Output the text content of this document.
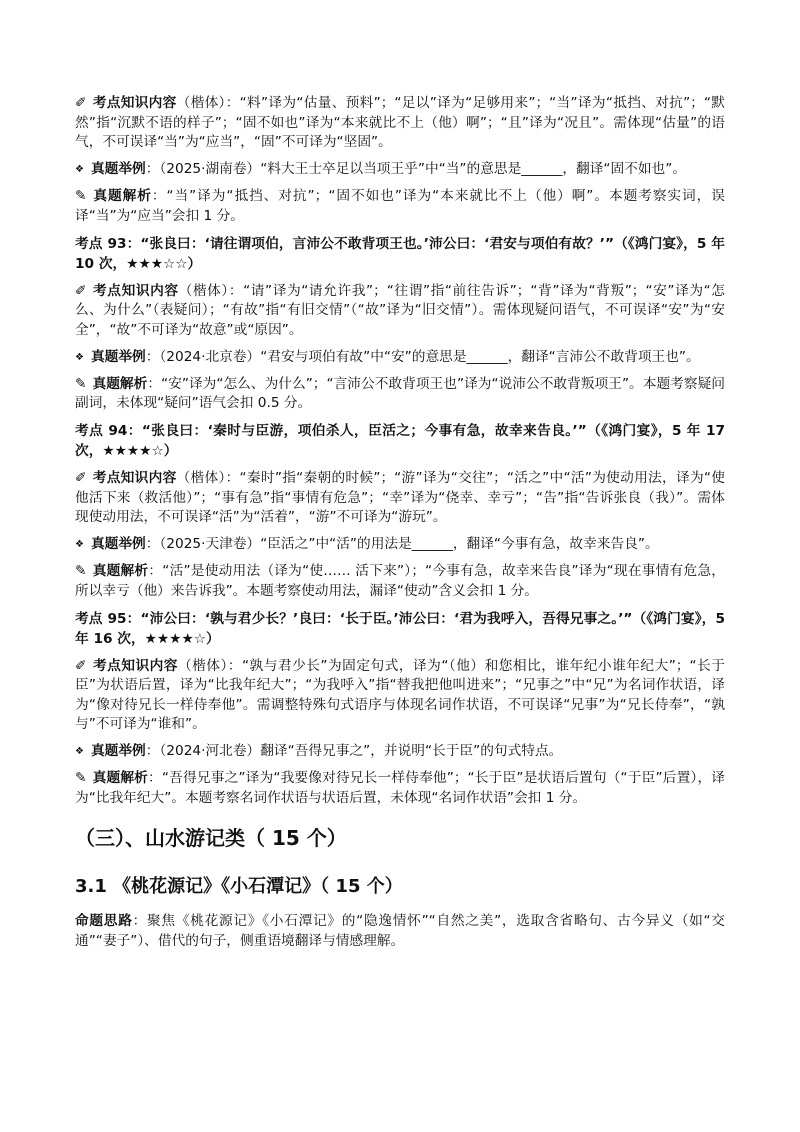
✐ 考点知识内容（楷体）：“料”译为“估量、预料”；“足以”译为“足够用来”；“当”译为“抵挡、对抗”；“默然”指“沉默不语的样子”；“固不如也”译为“本来就比不上（他）啊”；“且”译为“况且”。需体现“估量”的语气，不可误译“当”为“应当”，“固”不可译为“坚固”。

❖ 真题举例：（2025·湖南卷）“料大王士卒足以当项王乎”中“当”的意思是______，翻译“固不如也”。

✎ 真题解析：“当”译为“抵挡、对抗”；“固不如也”译为“本来就比不上（他）啊”。本题考察实词，误译“当”为“应当”会扣 1 分。

考点 93：“张良曰：‘请往谓项伯，言沛公不敢背项王也。’沛公曰：‘君安与项伯有故？’”（《鸿门宴》，5 年 10 次，★★★☆☆）

✐ 考点知识内容（楷体）：“请”译为“请允许我”；“往谓”指“前往告诉”；“背”译为“背叛”；“安”译为“怎么、为什么”（表疑问）；“有故”指“有旧交情”（“故”译为“旧交情”）。需体现疑问语气，不可误译“安”为“安全”，“故”不可译为“故意”或“原因”。

❖ 真题举例：（2024·北京卷）“君安与项伯有故”中“安”的意思是______，翻译“言沛公不敢背项王也”。

✎ 真题解析：“安”译为“怎么、为什么”；“言沛公不敢背项王也”译为“说沛公不敢背叛项王”。本题考察疑问副词，未体现“疑问”语气会扣 0.5 分。

考点 94：“张良曰：‘秦时与臣游，项伯杀人，臣活之；今事有急，故幸来告良。’”（《鸿门宴》，5 年 17 次，★★★★☆）

✐ 考点知识内容（楷体）：“秦时”指“秦朝的时候”；“游”译为“交往”；“活之”中“活”为使动用法，译为“使他活下来（救活他）”；“事有急”指“事情有危急”；“幸”译为“侥幸、幸亏”；“告”指“告诉张良（我）”。需体现使动用法，不可误译“活”为“活着”，“游”不可译为“游玩”。

❖ 真题举例：（2025·天津卷）“臣活之”中“活”的用法是______，翻译“今事有急，故幸来告良”。

✎ 真题解析：“活”是使动用法（译为“使…… 活下来”）；“今事有急，故幸来告良”译为“现在事情有危急，所以幸亏（他）来告诉我”。本题考察使动用法，漏译“使动”含义会扣 1 分。

考点 95：“沛公曰：‘孰与君少长？’良曰：‘长于臣。’沛公曰：‘君为我呼入，吾得兄事之。’”（《鸿门宴》，5 年 16 次，★★★★☆）

✐ 考点知识内容（楷体）：“孰与君少长”为固定句式，译为“（他）和您相比，谁年纪小谁年纪大”；“长于臣”为状语后置，译为“比我年纪大”；“为我呼入”指“替我把他叫进来”；“兄事之”中“兄”为名词作状语，译为“像对待兄长一样侍奉他”。需调整特殊句式语序与体现名词作状语，不可误译“兄事”为“兄长侍奉”，“孰与”不可译为“谁和”。

❖ 真题举例：（2024·河北卷）翻译“吾得兄事之”，并说明“长于臣”的句式特点。

✎ 真题解析：“吾得兄事之”译为“我要像对待兄长一样侍奉他”；“长于臣”是状语后置句（“于臣”后置），译为“比我年纪大”。本题考察名词作状语与状语后置，未体现“名词作状语”会扣 1 分。

（三）、山水游记类（ 15 个）
3.1 《桃花源记》《小石潭记》（ 15 个）

命题思路：聚焦《桃花源记》《小石潭记》的“隐逸情怀”“自然之美”，选取含省略句、古今异义（如“交通”“妻子”）、借代的句子，侧重语境翻译与情感理解。
